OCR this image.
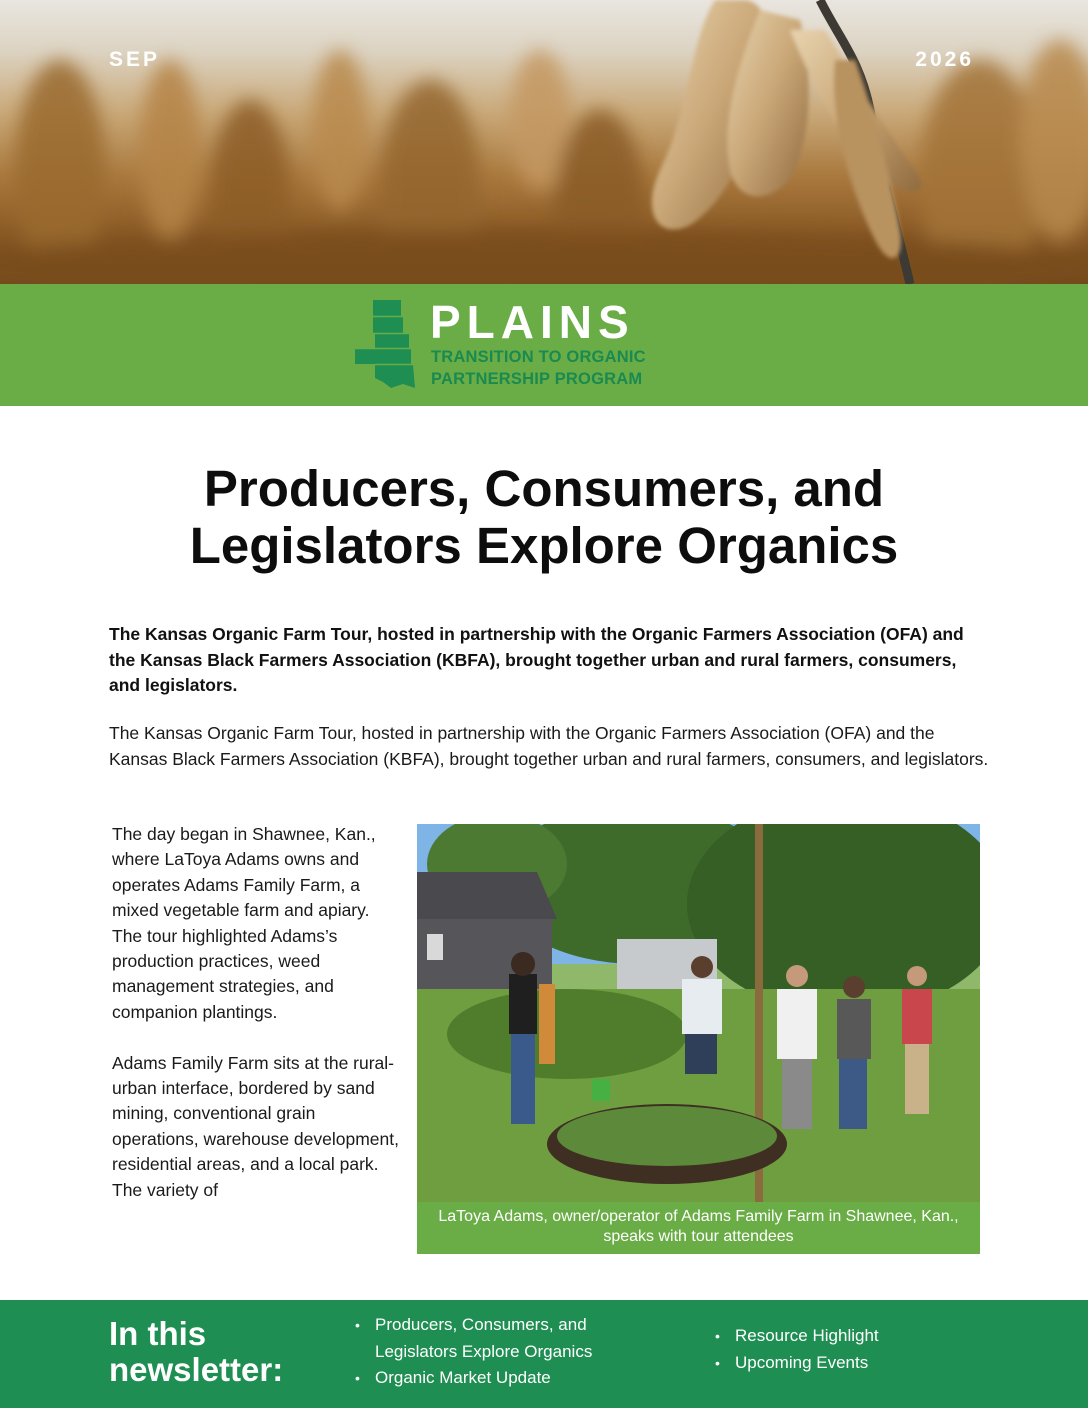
SEP	2026
PLAINS
TRANSITION TO ORGANIC
PARTNERSHIP PROGRAM
Producers, Consumers, and
Legislators Explore Organics

The Kansas Organic Farm Tour, hosted in partnership with the Organic Farmers Association (OFA) and the Kansas Black Farmers Association (KBFA), brought together urban and rural farmers, consumers, and legislators.

The Kansas Organic Farm Tour, hosted in partnership with the Organic Farmers Association (OFA) and the Kansas Black Farmers Association (KBFA), brought together urban and rural farmers, consumers, and legislators.

The day began in Shawnee, Kan., where LaToya Adams owns and operates Adams Family Farm, a mixed vegetable farm and apiary. The tour highlighted Adams’s production practices, weed management strategies, and companion plantings.

Adams Family Farm sits at the rural-urban interface, bordered by sand mining, conventional grain operations, warehouse development, residential areas, and a local park. The variety of

LaToya Adams, owner/operator of Adams Family Farm in Shawnee, Kan., speaks with tour attendees
In this newsletter:
• Producers, Consumers, and Legislators Explore Organics
• Organic Market Update
• Resource Highlight
• Upcoming Events
